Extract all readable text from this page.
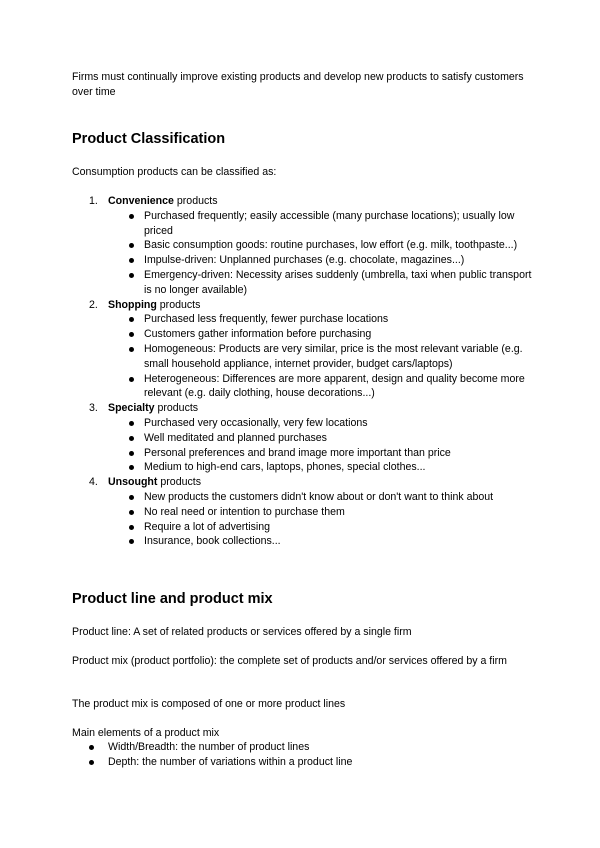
Firms must continually improve existing products and develop new products to satisfy customers over time

Product Classification

Consumption products can be classified as:

1. Convenience products
Purchased frequently; easily accessible (many purchase locations); usually low priced
Basic consumption goods: routine purchases, low effort (e.g. milk, toothpaste...)
Impulse-driven: Unplanned purchases (e.g. chocolate, magazines...)
Emergency-driven: Necessity arises suddenly (umbrella, taxi when public transport is no longer available)
2. Shopping products
Purchased less frequently, fewer purchase locations
Customers gather information before purchasing
Homogeneous: Products are very similar, price is the most relevant variable (e.g. small household appliance, internet provider, budget cars/laptops)
Heterogeneous: Differences are more apparent, design and quality become more relevant (e.g. daily clothing, house decorations...)
3. Specialty products
Purchased very occasionally, very few locations
Well meditated and planned purchases
Personal preferences and brand image more important than price
Medium to high-end cars, laptops, phones, special clothes...
4. Unsought products
New products the customers didn't know about or don't want to think about
No real need or intention to purchase them
Require a lot of advertising
Insurance, book collections...
Product line and product mix

Product line: A set of related products or services offered by a single firm

Product mix (product portfolio): the complete set of products and/or services offered by a firm

The product mix is composed of one or more product lines

Main elements of a product mix

Width/Breadth: the number of product lines
Depth: the number of variations within a product line
